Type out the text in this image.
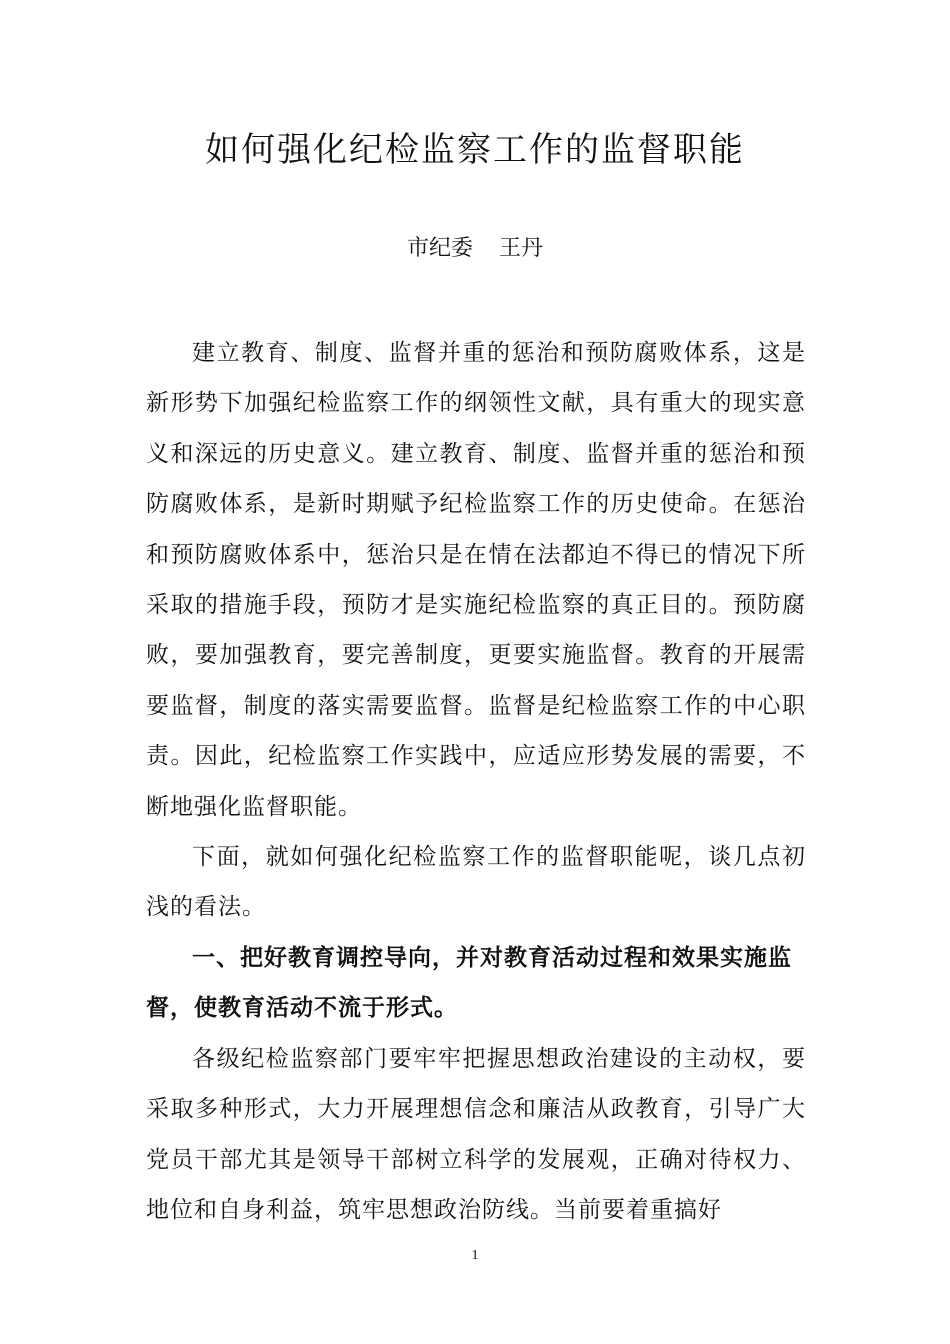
如何强化纪检监察工作的监督职能
市纪委 王丹

建立教育、制度、监督并重的惩治和预防腐败体系，这是新形势下加强纪检监察工作的纲领性文献，具有重大的现实意义和深远的历史意义。建立教育、制度、监督并重的惩治和预防腐败体系，是新时期赋予纪检监察工作的历史使命。在惩治和预防腐败体系中，惩治只是在情在法都迫不得已的情况下所采取的措施手段，预防才是实施纪检监察的真正目的。预防腐败，要加强教育，要完善制度，更要实施监督。教育的开展需要监督，制度的落实需要监督。监督是纪检监察工作的中心职责。因此，纪检监察工作实践中，应适应形势发展的需要，不断地强化监督职能。

下面，就如何强化纪检监察工作的监督职能呢，谈几点初浅的看法。

一、把好教育调控导向，并对教育活动过程和效果实施监督，使教育活动不流于形式。

各级纪检监察部门要牢牢把握思想政治建设的主动权，要采取多种形式，大力开展理想信念和廉洁从政教育，引导广大党员干部尤其是领导干部树立科学的发展观，正确对待权力、地位和自身利益，筑牢思想政治防线。当前要着重搞好

1
